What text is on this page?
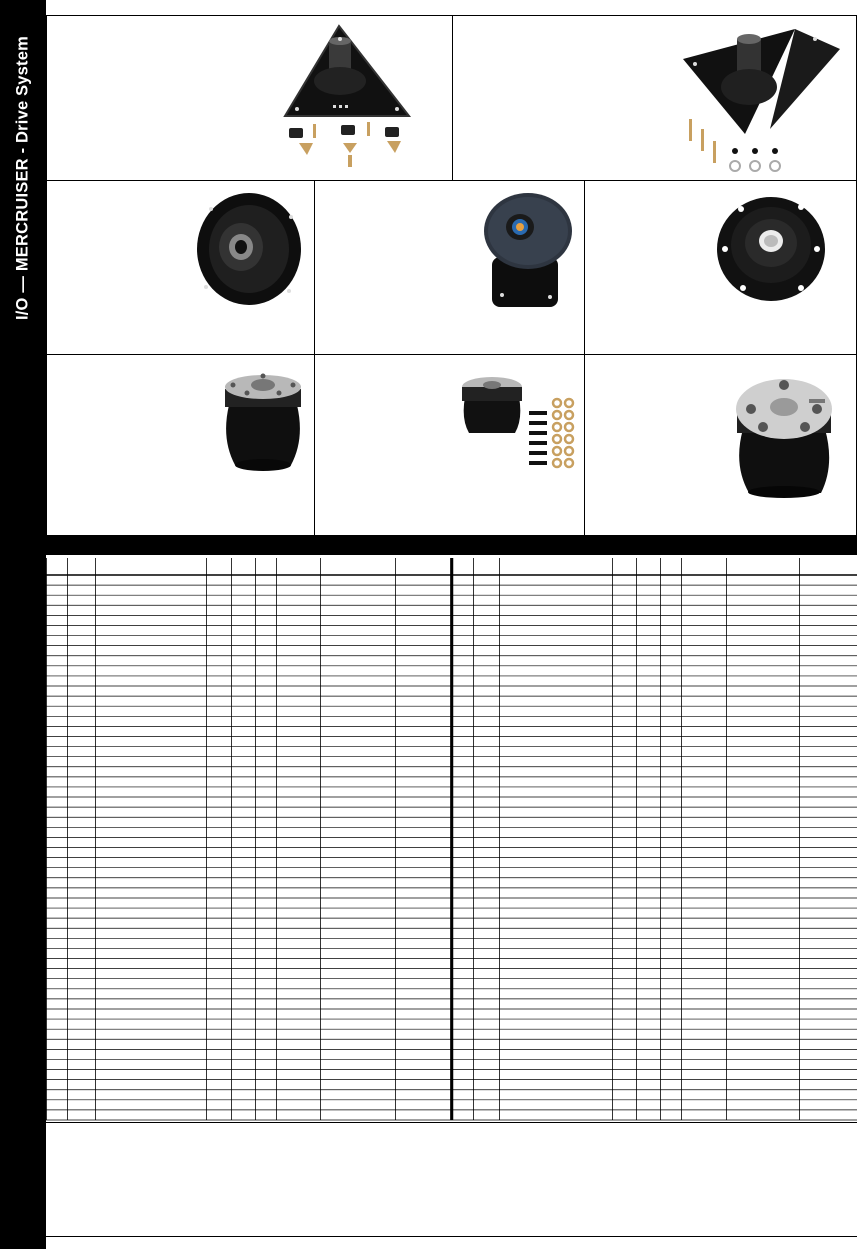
I/O — MERCRUISER - Drive System
